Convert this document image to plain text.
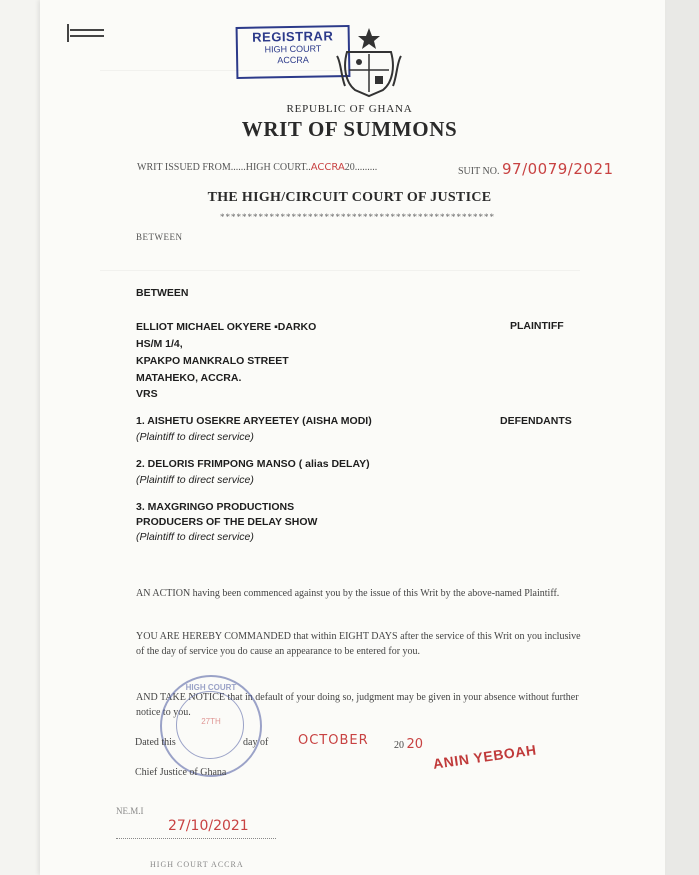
REGISTRAR
HIGH COURT
ACCRA
REPUBLIC OF GHANA
WRIT OF SUMMONS
WRIT ISSUED FROM......HIGH COURT..ACCRA20.........	SUIT NO. 97/0079/2021
THE HIGH/CIRCUIT COURT OF JUSTICE
**************************************************
BETWEEN
BETWEEN
ELLIOT MICHAEL OKYERE ▪DARKO
HS/M 1/4,
KPAKPO MANKRALO STREET
MATAHEKO, ACCRA.
VRS
PLAINTIFF
1. AISHETU OSEKRE ARYEETEY (AISHA MODI)
(Plaintiff to direct service)
DEFENDANTS
2. DELORIS FRIMPONG MANSO ( alias DELAY)
(Plaintiff to direct service)
3. MAXGRINGO PRODUCTIONS
PRODUCERS OF THE DELAY SHOW
(Plaintiff to direct service)
AN ACTION having been commenced against you by the issue of this Writ by the above-named Plaintiff.
YOU ARE HEREBY COMMANDED that within EIGHT DAYS after the service of this Writ on you inclusive of the day of service you do cause an appearance to be entered for you.
AND TAKE NOTICE that in default of your doing so, judgment may be given in your absence without further notice to you.
HIGH COURT
27TH
Dated this	day of OCTOBER	20 20
Chief Justice of Ghana
ANIN YEBOAH
NE.M.I
27/10/2021
HIGH COURT ACCRA
